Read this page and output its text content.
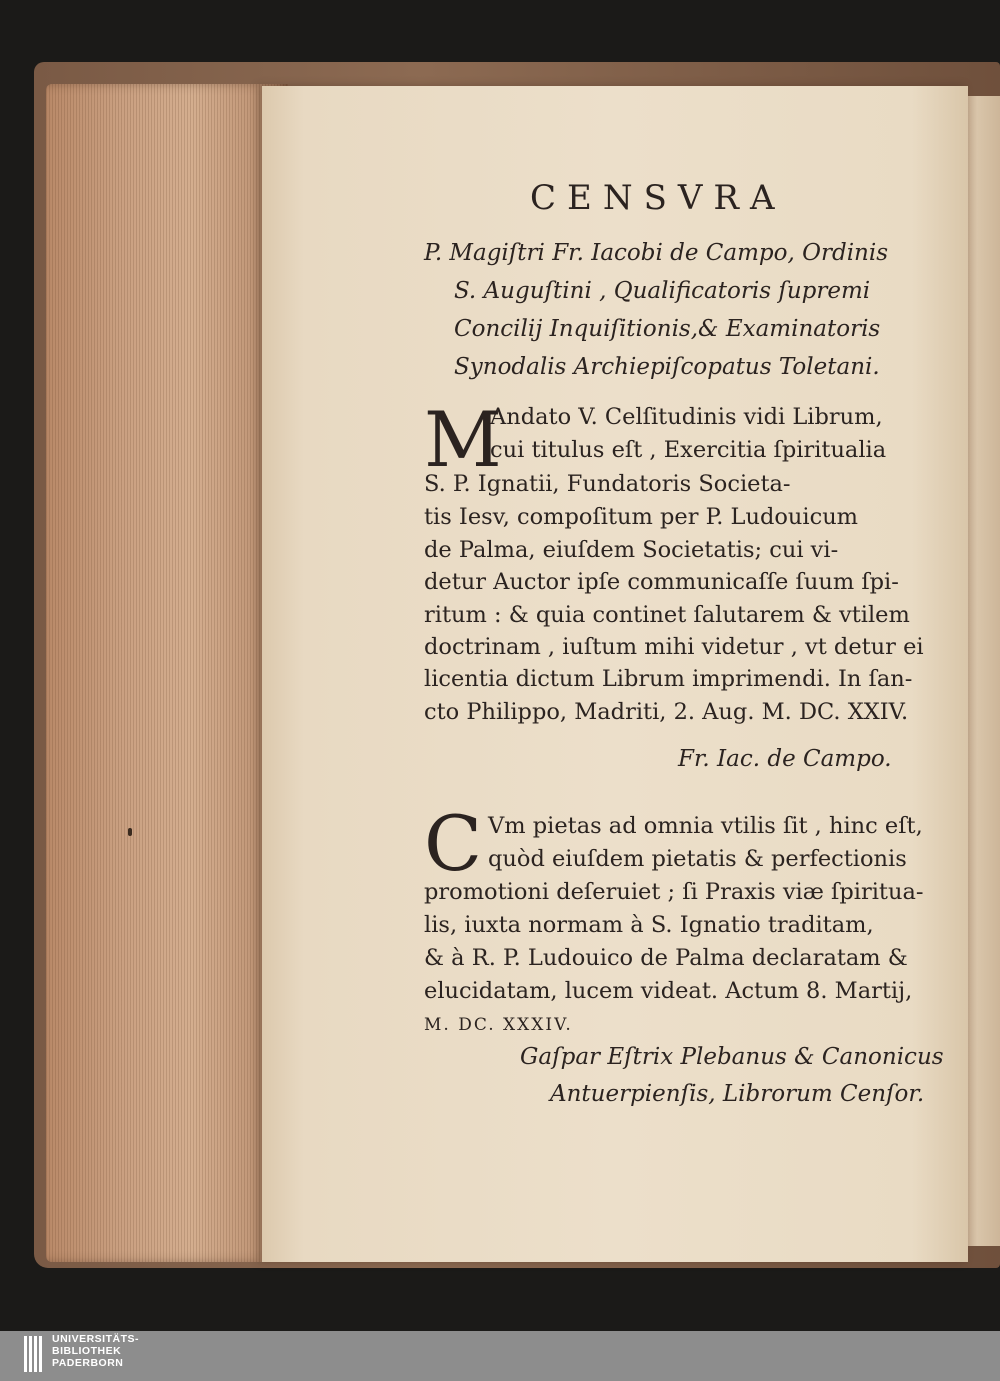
CENSVRA
P. Magiſtri Fr. Iacobi de Campo, Ordinis
S. Auguſtini , Qualificatoris ſupremi
Concilij Inquiſitionis,& Examinatoris
Synodalis Archiepiſcopatus Toletani.
M
Andato V. Celſitudinis vidi Librum,
cui titulus eſt , Exercitia ſpiritualia
S. P. Ignatii, Fundatoris Societa-
tis Iesv, compoſitum per P. Ludouicum
de Palma, eiuſdem Societatis; cui vi-
detur Auctor ipſe communicaſſe ſuum ſpi-
ritum : & quia continet ſalutarem & vtilem
doctrinam , iuſtum mihi videtur , vt detur ei
licentia dictum Librum imprimendi. In ſan-
cto Philippo, Madriti, 2. Aug. M. DC. XXIV.
Fr. Iac. de Campo.
C Vm pietas ad omnia vtilis ſit , hinc eſt,
quòd eiuſdem pietatis & perfectionis
promotioni deſeruiet ; ſi Praxis viæ ſpiritua-
lis, iuxta normam à S. Ignatio traditam,
& à R. P. Ludouico de Palma declaratam &
elucidatam, lucem videat. Actum 8. Martij,
M. DC. XXXIV.
Gaſpar Eſtrix Plebanus & Canonicus
Antuerpienſis, Librorum Cenſor.
UNIVERSITÄTS-
BIBLIOTHEK
PADERBORN
